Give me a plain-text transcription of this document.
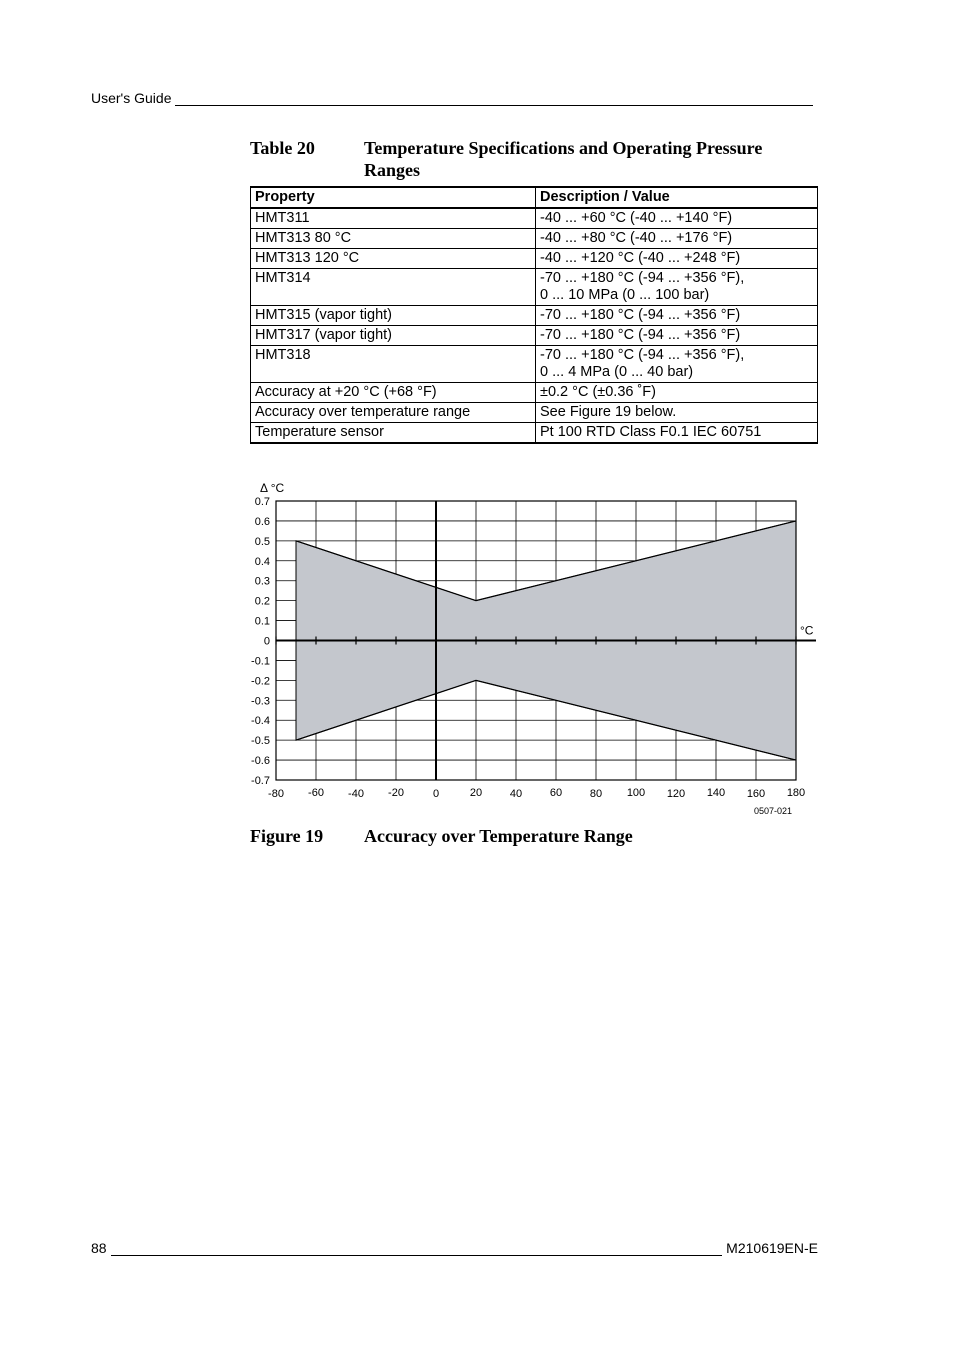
User's Guide
Table 20	Temperature Specifications and Operating Pressure Ranges
Property	Description / Value
HMT311	-40 ... +60 °C (-40 ... +140 °F)
HMT313 80 °C	-40 ... +80 °C (-40 ... +176 °F)
HMT313 120 °C	-40 ... +120 °C (-40 ... +248 °F)
HMT314	-70 ... +180 °C (-94 ... +356 °F),
0 ... 10 MPa (0 ... 100 bar)
HMT315 (vapor tight)	-70 ... +180 °C (-94 ... +356 °F)
HMT317 (vapor tight)	-70 ... +180 °C (-94 ... +356 °F)
HMT318	-70 ... +180 °C (-94 ... +356 °F),
0 ... 4 MPa (0 ... 40 bar)
Accuracy at +20 °C (+68 °F)	±0.2 °C (±0.36 ˚F)
Accuracy over temperature range	See Figure 19 below.
Temperature sensor	Pt 100 RTD Class F0.1 IEC 60751
0.7
0.6
0.5
0.4
0.3
0.2
0.1
0
-0.1
-0.2
-0.3
-0.4
-0.5
-0.6
-0.7
-80 -60 -40 -20	0	20	40	60	80 100 120 140 160 180
Δ °C
°C
0507-021
Figure 19 Accuracy over Temperature Range
88	M210619EN-E
